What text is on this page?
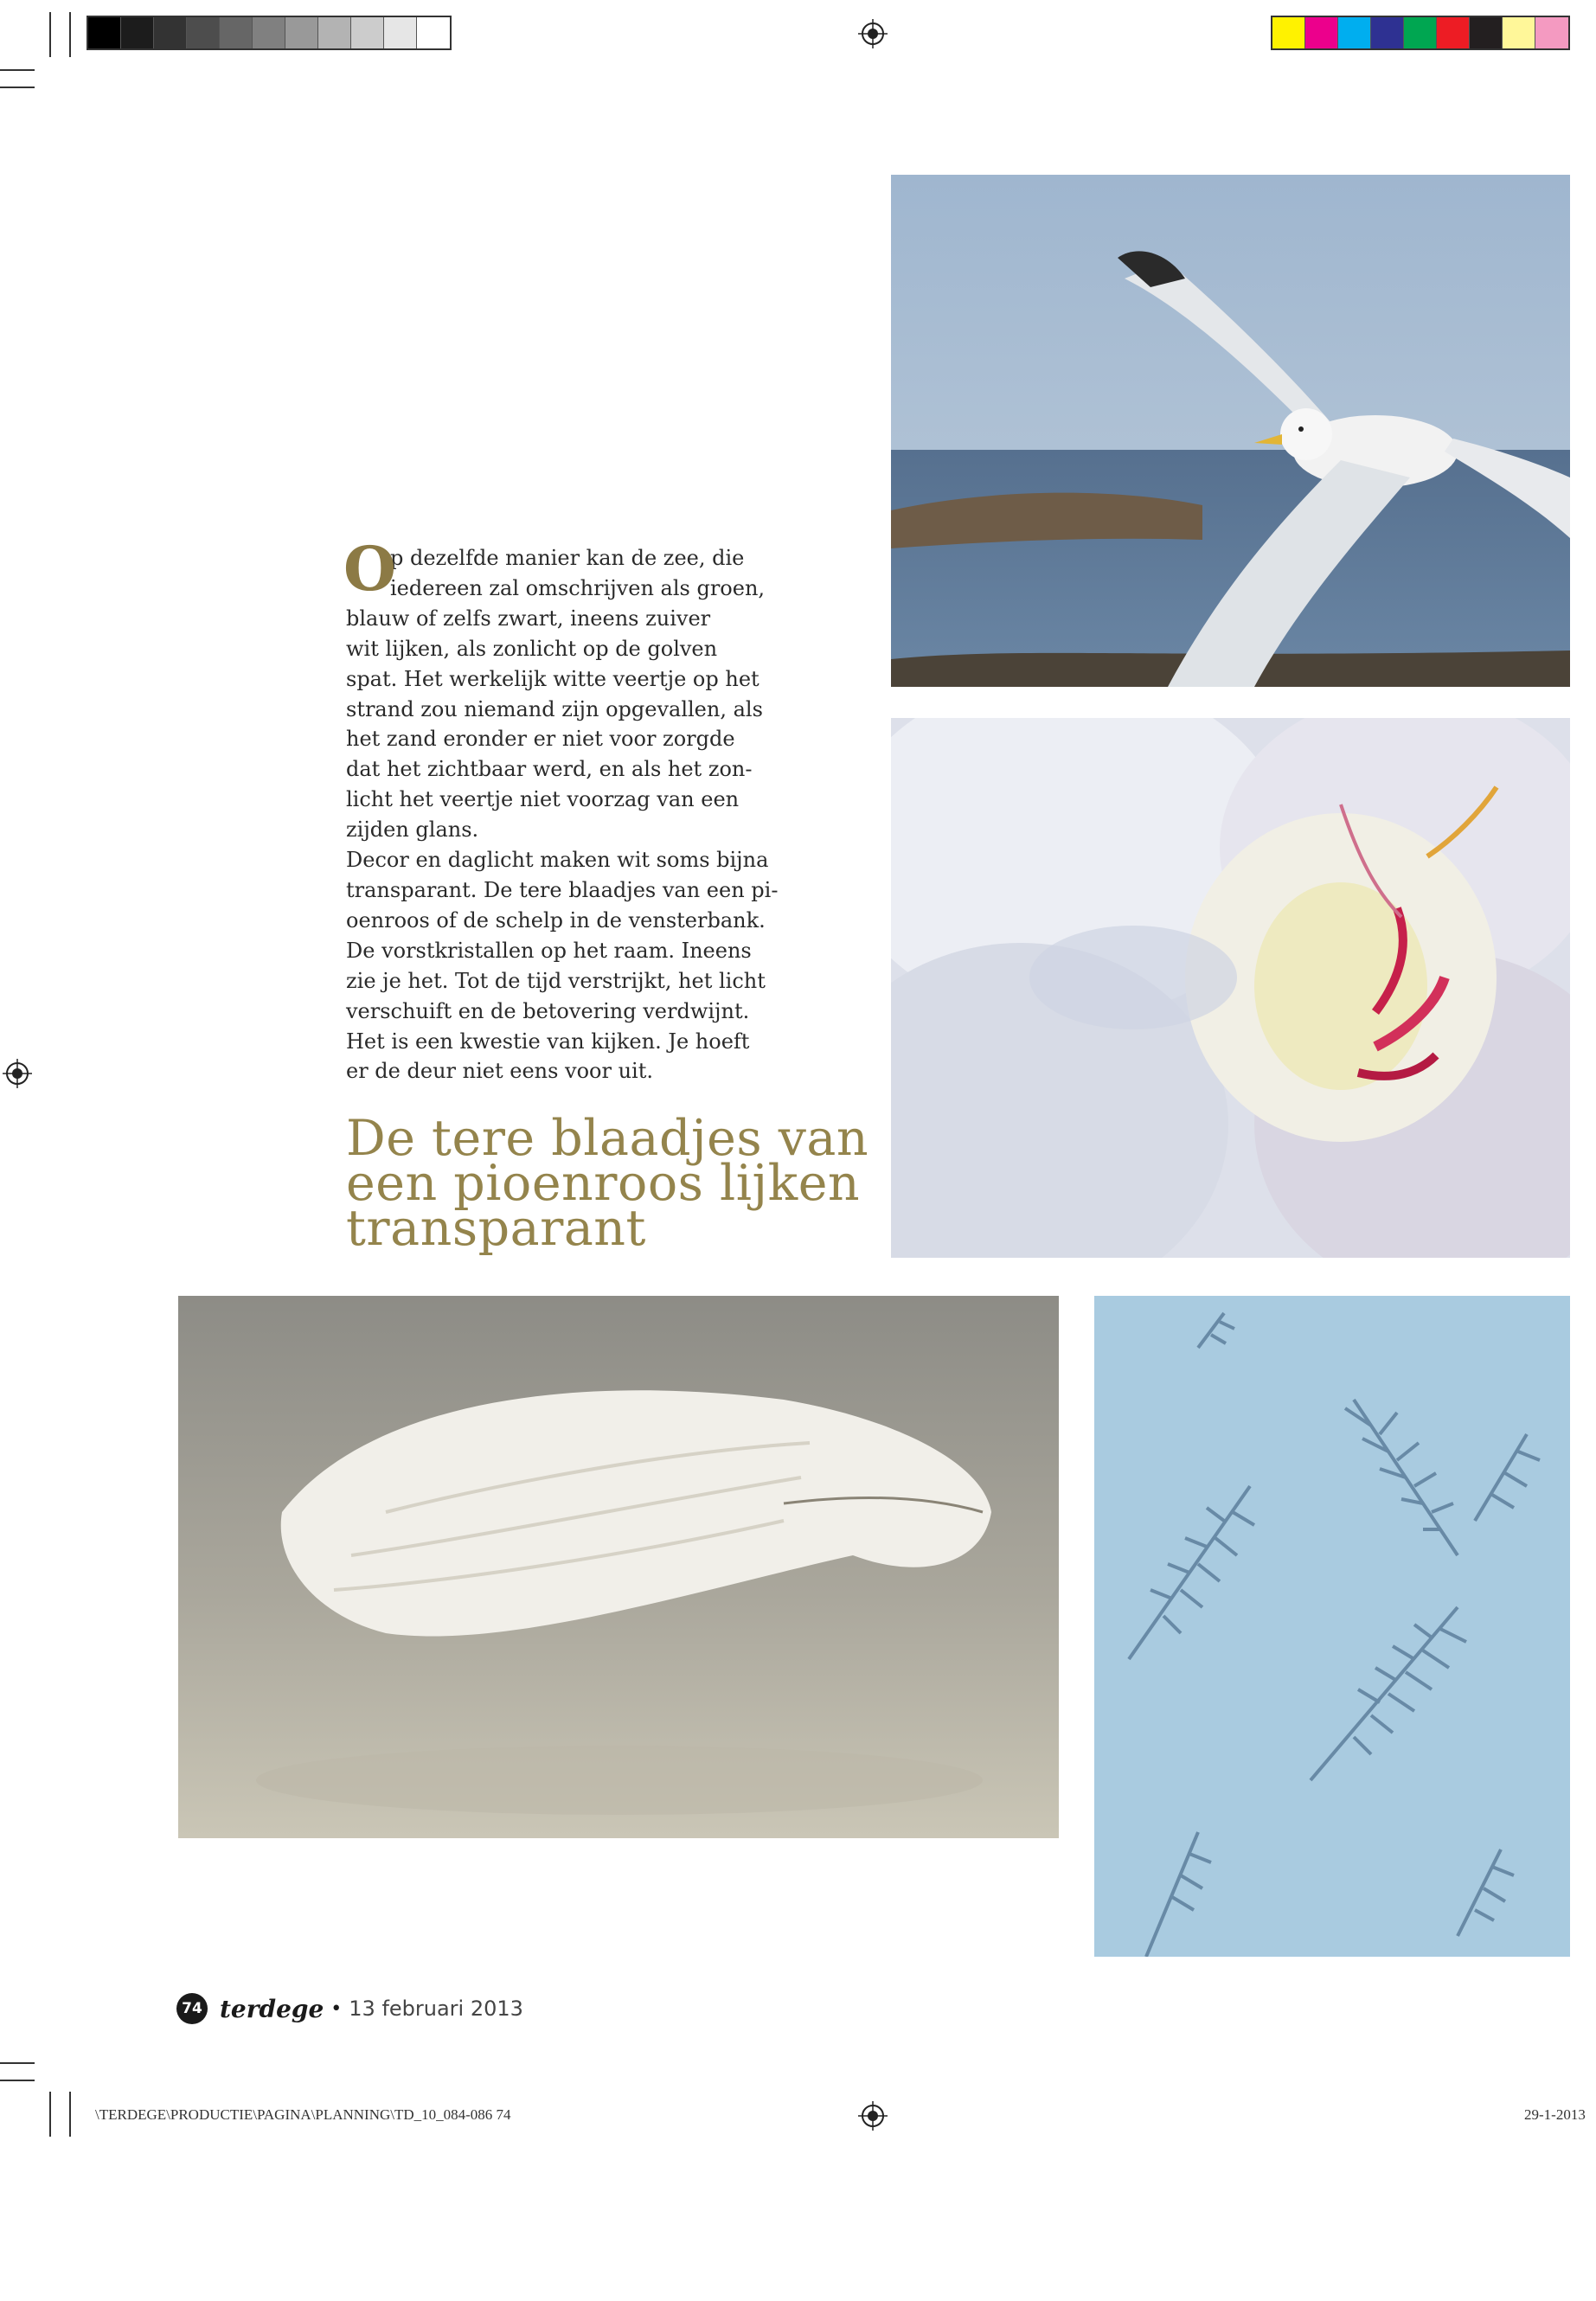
O
p dezelfde manier kan de zee, die
iedereen zal omschrijven als groen,
blauw of zelfs zwart, ineens zuiver
wit lijken, als zonlicht op de golven
spat. Het werkelijk witte veertje op het
strand zou niemand zijn opgevallen, als
het zand eronder er niet voor zorgde
dat het zichtbaar werd, en als het zon-
licht het veertje niet voorzag van een
zijden glans.
Decor en daglicht maken wit soms bijna
transparant. De tere blaadjes van een pi-
oenroos of de schelp in de vensterbank.
De vorstkristallen op het raam. Ineens
zie je het. Tot de tijd verstrijkt, het licht
verschuift en de betovering verdwijnt.
Het is een kwestie van kijken. Je hoeft
er de deur niet eens voor uit.
De tere blaadjes van
een pioenroos lijken
transparant
74 terdege • 13 februari 2013
\TERDEGE\PRODUCTIE\PAGINA\PLANNING\TD_10_084-086 74	29-1-2013
